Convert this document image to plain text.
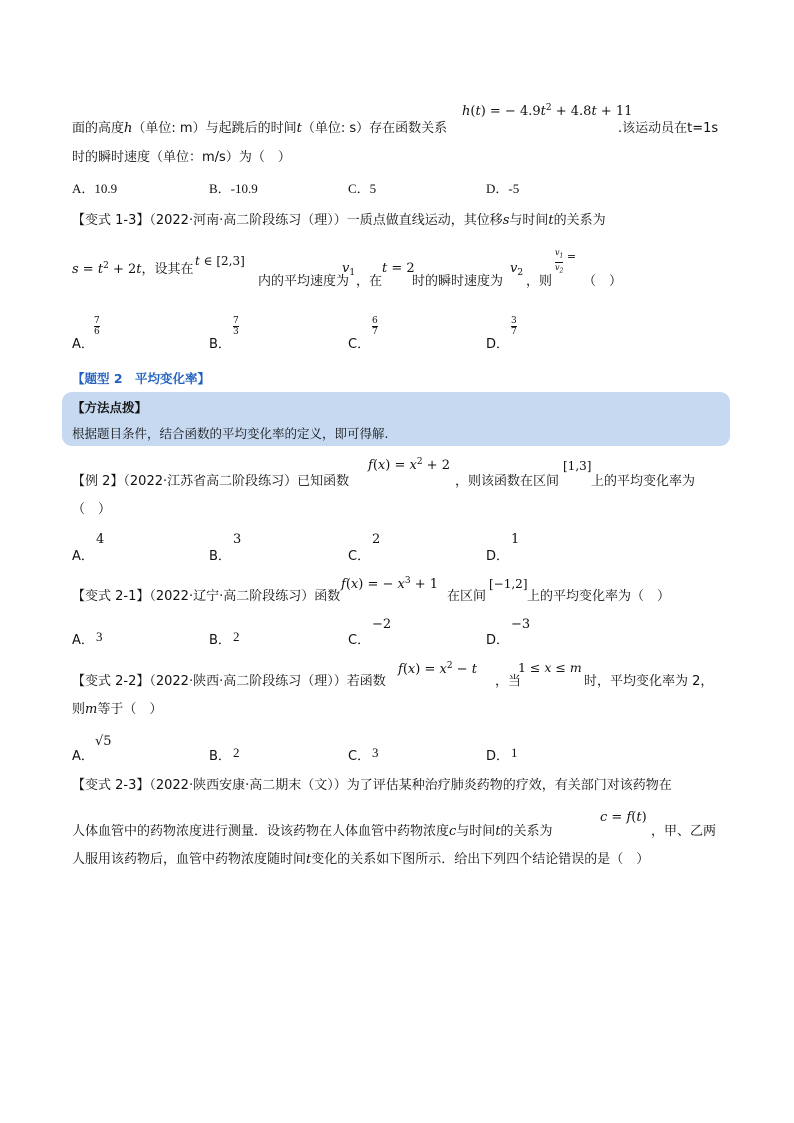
面的高度h（单位: m）与起跳后的时间t（单位: s）存在函数关系
h(t) = − $4.9t^2 + 4.8t + 11$
.该运动员在t=1s
时的瞬时速度（单位：m/s）为（　）
A．10.9	B．-10.9	C．5	D．-5
【变式 1-3】（2022·河南·高二阶段练习（理））一质点做直线运动，其位移s与时间t的关系为
$s = t^2 + 2t$，设其在
t ∈ [2,3]
内的平均速度为
$v_1$
，在
t = 2
时的瞬时速度为
$v_2$
，则
$\frac{v_1}{v_2} ^=$
（　）
A．
$\frac{7}{6}$
B．
$\frac{7}{3}$
C．
$\frac{6}{7}$
D．
$\frac{3}{7}$
【题型 2　平均变化率】
【方法点拨】
根据题目条件，结合函数的平均变化率的定义，即可得解.
【例 2】（2022·江苏省高二阶段练习）已知函数
$f(x) = x^2 + 2$
，则该函数在区间
[1,3]
上的平均变化率为
（　）
A．
4
B．
3
C．
2
D．
1
【变式 2-1】（2022·辽宁·高二阶段练习）函数
f(x) = − $x^3 + 1$
在区间
[−1,2]
上的平均变化率为（　）
A． 3	B． 2	C．
−2
D．
−3
【变式 2-2】（2022·陕西·高二阶段练习（理））若函数
$f(x) = x^2 - t$
，当
1 ≤ x ≤ m
时，平均变化率为 2，
则m等于（　）
A．
√5
B． 2	C． 3	D． 1
【变式 2-3】（2022·陕西安康·高二期末（文））为了评估某种治疗肺炎药物的疗效，有关部门对该药物在
人体血管中的药物浓度进行测量．设该药物在人体血管中药物浓度c与时间t的关系为
c = f(t)
，甲、乙两
人服用该药物后，血管中药物浓度随时间t变化的关系如下图所示．给出下列四个结论错误的是（　）
